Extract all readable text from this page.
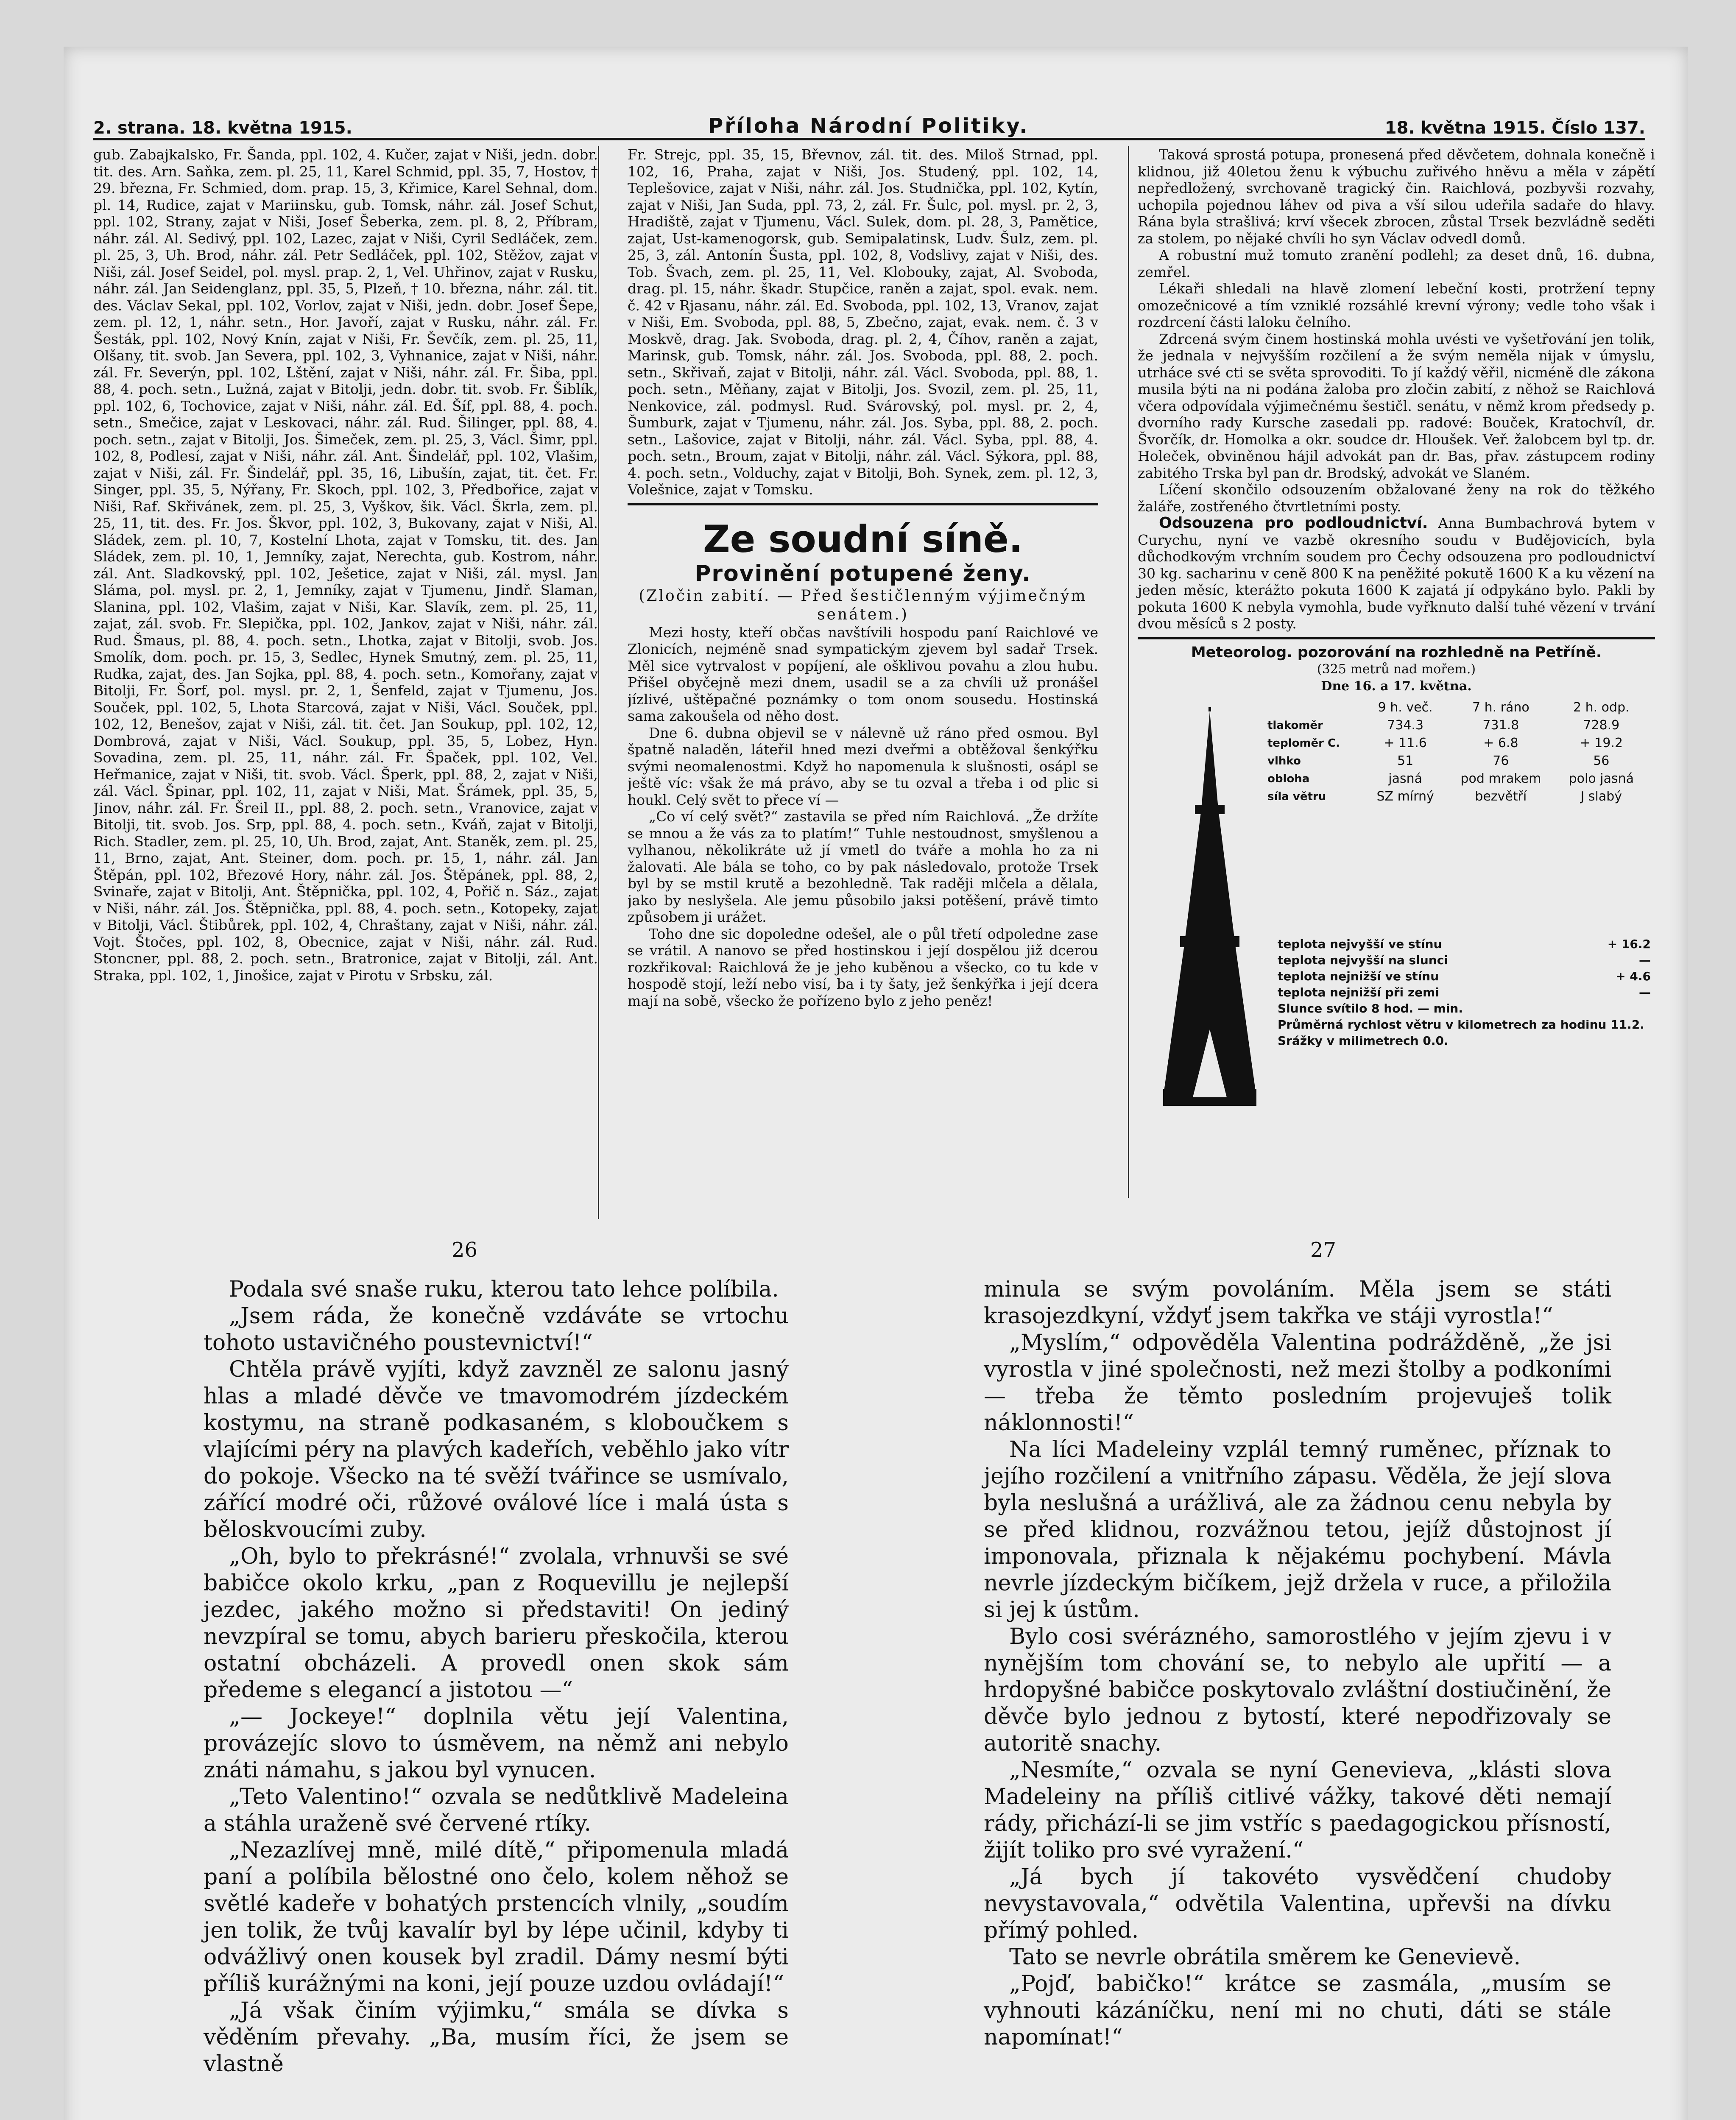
2. strana. 18. května 1915.	Příloha Národní Politiky.	18. května 1915. Číslo 137.

gub. Zabajkalsko, Fr. Šanda, ppl. 102, 4. Kučer, zajat v Niši, jedn. dobr. tit. des. Arn. Saňka, zem. pl. 25, 11, Karel Schmid, ppl. 35, 7, Hostov, † 29. března, Fr. Schmied, dom. prap. 15, 3, Křimice, Karel Sehnal, dom. pl. 14, Rudice, zajat v Mariinsku, gub. Tomsk, náhr. zál. Josef Schut, ppl. 102, Strany, zajat v Niši, Josef Šeberka, zem. pl. 8, 2, Příbram, náhr. zál. Al. Sedivý, ppl. 102, Lazec, zajat v Niši, Cyril Sedláček, zem. pl. 25, 3, Uh. Brod, náhr. zál. Petr Sedláček, ppl. 102, Stěžov, zajat v Niši, zál. Josef Seidel, pol. mysl. prap. 2, 1, Vel. Uhřinov, zajat v Rusku, náhr. zál. Jan Seidenglanz, ppl. 35, 5, Plzeň, † 10. března, náhr. zál. tit. des. Václav Sekal, ppl. 102, Vorlov, zajat v Niši, jedn. dobr. Josef Šepe, zem. pl. 12, 1, náhr. setn., Hor. Javoří, zajat v Rusku, náhr. zál. Fr. Šesták, ppl. 102, Nový Knín, zajat v Niši, Fr. Ševčík, zem. pl. 25, 11, Olšany, tit. svob. Jan Severa, ppl. 102, 3, Vyhnanice, zajat v Niši, náhr. zál. Fr. Severýn, ppl. 102, Lštění, zajat v Niši, náhr. zál. Fr. Šiba, ppl. 88, 4. poch. setn., Lužná, zajat v Bitolji, jedn. dobr. tit. svob. Fr. Šiblík, ppl. 102, 6, Tochovice, zajat v Niši, náhr. zál. Ed. Šíf, ppl. 88, 4. poch. setn., Smečice, zajat v Leskovaci, náhr. zál. Rud. Šilinger, ppl. 88, 4. poch. setn., zajat v Bitolji, Jos. Šimeček, zem. pl. 25, 3, Václ. Šimr, ppl. 102, 8, Podlesí, zajat v Niši, náhr. zál. Ant. Šindelář, ppl. 102, Vlašim, zajat v Niši, zál. Fr. Šindelář, ppl. 35, 16, Libušín, zajat, tit. čet. Fr. Singer, ppl. 35, 5, Nýřany, Fr. Skoch, ppl. 102, 3, Předbořice, zajat v Niši, Raf. Skřivánek, zem. pl. 25, 3, Vyškov, šik. Václ. Škrla, zem. pl. 25, 11, tit. des. Fr. Jos. Škvor, ppl. 102, 3, Bukovany, zajat v Niši, Al. Sládek, zem. pl. 10, 7, Kostelní Lhota, zajat v Tomsku, tit. des. Jan Sládek, zem. pl. 10, 1, Jemníky, zajat, Nerechta, gub. Kostrom, náhr. zál. Ant. Sladkovský, ppl. 102, Ješetice, zajat v Niši, zál. mysl. Jan Sláma, pol. mysl. pr. 2, 1, Jemníky, zajat v Tjumenu, Jindř. Slaman, Slanina, ppl. 102, Vlašim, zajat v Niši, Kar. Slavík, zem. pl. 25, 11, zajat, zál. svob. Fr. Slepička, ppl. 102, Jankov, zajat v Niši, náhr. zál. Rud. Šmaus, pl. 88, 4. poch. setn., Lhotka, zajat v Bitolji, svob. Jos. Smolík, dom. poch. pr. 15, 3, Sedlec, Hynek Smutný, zem. pl. 25, 11, Rudka, zajat, des. Jan Sojka, ppl. 88, 4. poch. setn., Komořany, zajat v Bitolji, Fr. Šorf, pol. mysl. pr. 2, 1, Šenfeld, zajat v Tjumenu, Jos. Souček, ppl. 102, 5, Lhota Starcová, zajat v Niši, Václ. Souček, ppl. 102, 12, Benešov, zajat v Niši, zál. tit. čet. Jan Soukup, ppl. 102, 12, Dombrová, zajat v Niši, Václ. Soukup, ppl. 35, 5, Lobez, Hyn. Sovadina, zem. pl. 25, 11, náhr. zál. Fr. Špaček, ppl. 102, Vel. Heřmanice, zajat v Niši, tit. svob. Václ. Šperk, ppl. 88, 2, zajat v Niši, zál. Václ. Špinar, ppl. 102, 11, zajat v Niši, Mat. Šrámek, ppl. 35, 5, Jinov, náhr. zál. Fr. Šreil II., ppl. 88, 2. poch. setn., Vranovice, zajat v Bitolji, tit. svob. Jos. Srp, ppl. 88, 4. poch. setn., Kváň, zajat v Bitolji, Rich. Stadler, zem. pl. 25, 10, Uh. Brod, zajat, Ant. Staněk, zem. pl. 25, 11, Brno, zajat, Ant. Steiner, dom. poch. pr. 15, 1, náhr. zál. Jan Štěpán, ppl. 102, Březové Hory, náhr. zál. Jos. Štěpánek, ppl. 88, 2, Svinaře, zajat v Bitolji, Ant. Štěpnička, ppl. 102, 4, Pořič n. Sáz., zajat v Niši, náhr. zál. Jos. Štěpnička, ppl. 88, 4. poch. setn., Kotopeky, zajat v Bitolji, Václ. Štibůrek, ppl. 102, 4, Chraštany, zajat v Niši, náhr. zál. Vojt. Štočes, ppl. 102, 8, Obecnice, zajat v Niši, náhr. zál. Rud. Stoncner, ppl. 88, 2. poch. setn., Bratronice, zajat v Bitolji, zál. Ant. Straka, ppl. 102, 1, Jinošice, zajat v Pirotu v Srbsku, zál.

Fr. Strejc, ppl. 35, 15, Břevnov, zál. tit. des. Miloš Strnad, ppl. 102, 16, Praha, zajat v Niši, Jos. Studený, ppl. 102, 14, Teplešovice, zajat v Niši, náhr. zál. Jos. Studnička, ppl. 102, Kytín, zajat v Niši, Jan Suda, ppl. 73, 2, zál. Fr. Šulc, pol. mysl. pr. 2, 3, Hradiště, zajat v Tjumenu, Václ. Sulek, dom. pl. 28, 3, Pamětice, zajat, Ust-kamenogorsk, gub. Semipalatinsk, Ludv. Šulz, zem. pl. 25, 3, zál. Antonín Šusta, ppl. 102, 8, Vodslivy, zajat v Niši, des. Tob. Švach, zem. pl. 25, 11, Vel. Klobouky, zajat, Al. Svoboda, drag. pl. 15, náhr. škadr. Stupčice, raněn a zajat, spol. evak. nem. č. 42 v Rjasanu, náhr. zál. Ed. Svoboda, ppl. 102, 13, Vranov, zajat v Niši, Em. Svoboda, ppl. 88, 5, Zbečno, zajat, evak. nem. č. 3 v Moskvě, drag. Jak. Svoboda, drag. pl. 2, 4, Číhov, raněn a zajat, Marinsk, gub. Tomsk, náhr. zál. Jos. Svoboda, ppl. 88, 2. poch. setn., Skřivaň, zajat v Bitolji, náhr. zál. Václ. Svoboda, ppl. 88, 1. poch. setn., Měňany, zajat v Bitolji, Jos. Svozil, zem. pl. 25, 11, Nenkovice, zál. podmysl. Rud. Svárovský, pol. mysl. pr. 2, 4, Šumburk, zajat v Tjumenu, náhr. zál. Jos. Syba, ppl. 88, 2. poch. setn., Lašovice, zajat v Bitolji, náhr. zál. Václ. Syba, ppl. 88, 4. poch. setn., Broum, zajat v Bitolji, náhr. zál. Václ. Sýkora, ppl. 88, 4. poch. setn., Volduchy, zajat v Bitolji, Boh. Synek, zem. pl. 12, 3, Volešnice, zajat v Tomsku.

Ze soudní síně.
Provinění potupené ženy.
(Zločin zabití. — Před šestičlenným výjimečným senátem.)

Mezi hosty, kteří občas navštívili hospodu paní Raichlové ve Zlonicích, nejméně snad sympatickým zjevem byl sadař Trsek. Měl sice vytrvalost v popíjení, ale ošklivou povahu a zlou hubu. Přišel obyčejně mezi dnem, usadil se a za chvíli už pronášel jízlivé, uštěpačné poznámky o tom onom sousedu. Hostinská sama zakoušela od něho dost.

Dne 6. dubna objevil se v nálevně už ráno před osmou. Byl špatně naladěn, láteřil hned mezi dveřmi a obtěžoval šenkýřku svými neomalenostmi. Když ho napomenula k slušnosti, osápl se ještě víc: však že má právo, aby se tu ozval a třeba i od plic si houkl. Celý svět to přece ví —

„Co ví celý svět?“ zastavila se před ním Raichlová. „Že držíte se mnou a že vás za to platím!“ Tuhle nestoudnost, smyšlenou a vylhanou, několikráte už jí vmetl do tváře a mohla ho za ni žalovati. Ale bála se toho, co by pak následovalo, protože Trsek byl by se mstil krutě a bezohledně. Tak raději mlčela a dělala, jako by neslyšela. Ale jemu působilo jaksi potěšení, právě timto způsobem ji urážet.

Toho dne sic dopoledne odešel, ale o půl třetí odpoledne zase se vrátil. A nanovo se před hostinskou i její dospělou již dcerou rozkřikoval: Raichlová že je jeho kuběnou a všecko, co tu kde v hospodě stojí, leží nebo visí, ba i ty šaty, jež šenkýřka i její dcera mají na sobě, všecko že pořízeno bylo z jeho peněz!

Taková sprostá potupa, pronesená před děvčetem, dohnala konečně i klidnou, již 40letou ženu k výbuchu zuřivého hněvu a měla v zápětí nepředložený, svrchovaně tragický čin. Raichlová, pozbyvši rozvahy, uchopila pojednou láhev od piva a vší silou udeřila sadaře do hlavy. Rána byla strašlivá; krví všecek zbrocen, zůstal Trsek bezvládně seděti za stolem, po nějaké chvíli ho syn Václav odvedl domů.

A robustní muž tomuto zranění podlehl; za deset dnů, 16. dubna, zemřel.

Lékaři shledali na hlavě zlomení lebeční kosti, protržení tepny omozečnicové a tím vzniklé rozsáhlé krevní výrony; vedle toho však i rozdrcení části laloku čelního.

Zdrcená svým činem hostinská mohla uvésti ve vyšetřování jen tolik, že jednala v nejvyšším rozčilení a že svým neměla nijak v úmyslu, utrháce své cti se světa sprovoditi. To jí každý věřil, nicméně dle zákona musila býti na ni podána žaloba pro zločin zabití, z něhož se Raichlová včera odpovídala výjimečnému šestičl. senátu, v němž krom předsedy p. dvorního rady Kursche zasedali pp. radové: Bouček, Kratochvíl, dr. Švorčík, dr. Homolka a okr. soudce dr. Hloušek. Veř. žalobcem byl tp. dr. Holeček, obviněnou hájil advokát pan dr. Bas, přav. zástupcem rodiny zabitého Trska byl pan dr. Brodský, advokát ve Slaném.

Líčení skončilo odsouzením obžalované ženy na rok do těžkého žaláře, zostřeného čtvrtletními posty.

Odsouzena pro podloudnictví. Anna Bumbachrová bytem v Curychu, nyní ve vazbě okresního soudu v Budějovicích, byla důchodkovým vrchním soudem pro Čechy odsouzena pro podloudnictví 30 kg. sacharinu v ceně 800 K na peněžité pokutě 1600 K a ku vězení na jeden měsíc, kterážto pokuta 1600 K zajatá jí odpykáno bylo. Pakli by pokuta 1600 K nebyla vymohla, bude vyřknuto další tuhé vězení v trvání dvou měsíců s 2 posty.

Meteorolog. pozorování na rozhledně na Petříně.
(325 metrů nad mořem.)
Dne 16. a 17. května.
	9 h. več.	7 h. ráno	2 h. odp.
tlakoměr	734.3	731.8	728.9
teploměr C.	+ 11.6	+ 6.8	+ 19.2
vlhko	51	76	56
obloha	jasná	pod mrakem	polo jasná
síla větru	SZ mírný	bezvětří	J slabý
teplota nejvyšší ve stínu	+ 16.2
teplota nejvyšší na slunci	—
teplota nejnižší ve stínu	+ 4.6
teplota nejnižší při zemi	—
Slunce svítilo 8 hod. — min.
Průměrná rychlost větru v kilometrech za hodinu 11.2.
Srážky v milimetrech 0.0.
26	27

Podala své snaše ruku, kterou tato lehce políbila.

„Jsem ráda, že konečně vzdáváte se vrtochu tohoto ustavičného poustevnictví!“

Chtěla právě vyjíti, když zavzněl ze salonu jasný hlas a mladé děvče ve tmavomodrém jízdeckém kostymu, na straně podkasaném, s kloboučkem s vlajícími péry na plavých kadeřích, veběhlo jako vítr do pokoje. Všecko na té svěží tvářince se usmívalo, zářící modré oči, růžové oválové líce i malá ústa s běloskvoucími zuby.

„Oh, bylo to překrásné!“ zvolala, vrhnuvši se své babičce okolo krku, „pan z Roquevillu je nejlepší jezdec, jakého možno si představiti! On jediný nevzpíral se tomu, abych barieru přeskočila, kterou ostatní obcházeli. A provedl onen skok sám předeme s elegancí a jistotou —“

„— Jockeye!“ doplnila větu její Valentina, provázejíc slovo to úsměvem, na němž ani nebylo znáti námahu, s jakou byl vynucen.

„Teto Valentino!“ ozvala se nedůtklivě Madeleina a stáhla uraženě své červené rtíky.

„Nezazlívej mně, milé dítě,“ připomenula mladá paní a políbila bělostné ono čelo, kolem něhož se světlé kadeře v bohatých prstencích vlnily, „soudím jen tolik, že tvůj kavalír byl by lépe učinil, kdyby ti odvážlivý onen kousek byl zradil. Dámy nesmí býti příliš kurážnými na koni, její pouze uzdou ovládají!“

„Já však činím výjimku,“ smála se dívka s věděním převahy. „Ba, musím říci, že jsem se vlastně

minula se svým povoláním. Měla jsem se státi krasojezdkyní, vždyť jsem takřka ve stáji vyrostla!“

„Myslím,“ odpověděla Valentina podrážděně, „že jsi vyrostla v jiné společnosti, než mezi štolby a podkoními — třeba že těmto posledním projevuješ tolik náklonnosti!“

Na líci Madeleiny vzplál temný ruměnec, příznak to jejího rozčilení a vnitřního zápasu. Věděla, že její slova byla neslušná a urážlivá, ale za žádnou cenu nebyla by se před klidnou, rozvážnou tetou, jejíž důstojnost jí imponovala, přiznala k nějakému pochybení. Mávla nevrle jízdeckým bičíkem, jejž držela v ruce, a přiložila si jej k ústům.

Bylo cosi svérázného, samorostlého v jejím zjevu i v nynějším tom chování se, to nebylo ale upřití — a hrdopyšné babičce poskytovalo zvláštní dostiučinění, že děvče bylo jednou z bytostí, které nepodřizovaly se autoritě snachy.

„Nesmíte,“ ozvala se nyní Genevieva, „klásti slova Madeleiny na příliš citlivé vážky, takové děti nemají rády, přichází-li se jim vstříc s paedagogickou přísností, žijít toliko pro své vyražení.“

„Já bych jí takovéto vysvědčení chudoby nevystavovala,“ odvětila Valentina, upřevši na dívku přímý pohled.

Tato se nevrle obrátila směrem ke Genevievě.

„Pojď, babičko!“ krátce se zasmála, „musím se vyhnouti kázáníčku, není mi no chuti, dáti se stále napomínat!“
